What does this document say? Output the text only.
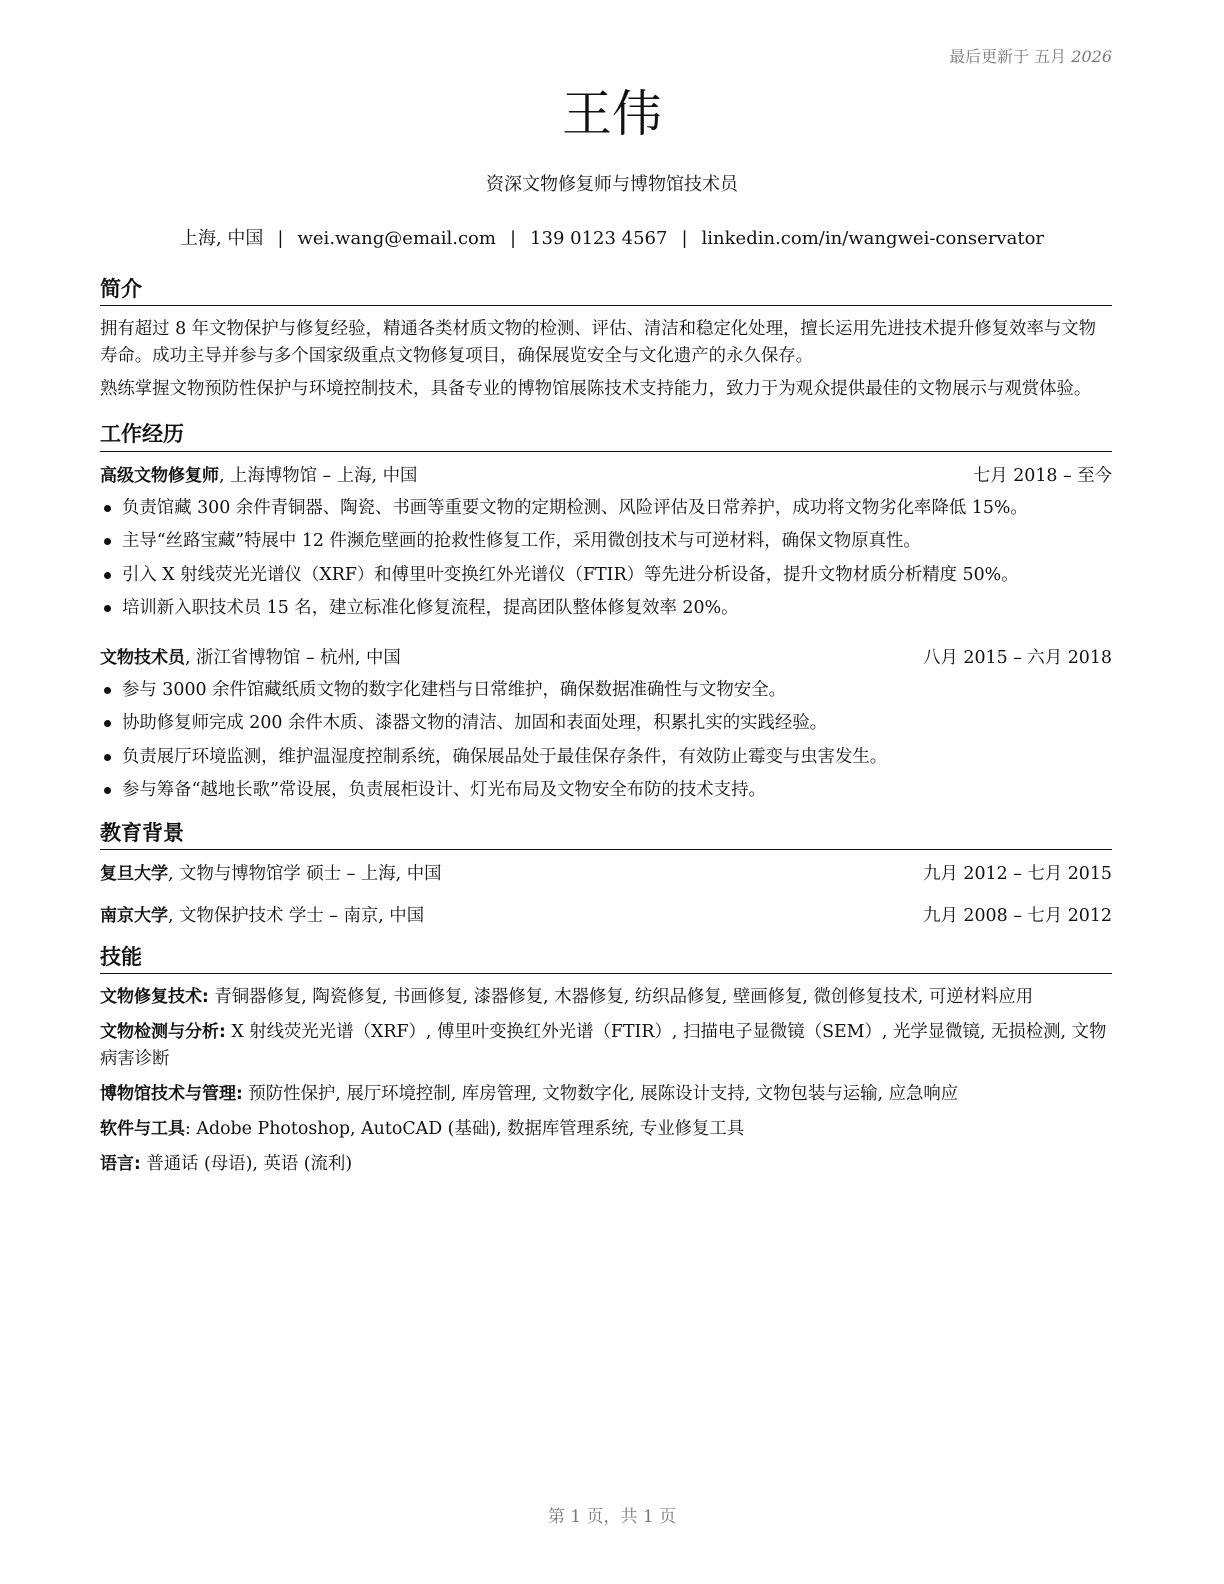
最后更新于 五月 2026
王伟
资深文物修复师与博物馆技术员
上海, 中国 | wei.wang@email.com | 139 0123 4567 | linkedin.com/in/wangwei-conservator
简介

拥有超过 8 年文物保护与修复经验，精通各类材质文物的检测、评估、清洁和稳定化处理，擅长运用先进技术提升修复效率与文物寿命。成功主导并参与多个国家级重点文物修复项目，确保展览安全与文化遗产的永久保存。

熟练掌握文物预防性保护与环境控制技术，具备专业的博物馆展陈技术支持能力，致力于为观众提供最佳的文物展示与观赏体验。

工作经历
高级文物修复师, 上海博物馆 – 上海, 中国	七月 2018 – 至今
负责馆藏 300 余件青铜器、陶瓷、书画等重要文物的定期检测、风险评估及日常养护，成功将文物劣化率降低 15%。
主导“丝路宝藏”特展中 12 件濒危壁画的抢救性修复工作，采用微创技术与可逆材料，确保文物原真性。
引入 X 射线荧光光谱仪（XRF）和傅里叶变换红外光谱仪（FTIR）等先进分析设备，提升文物材质分析精度 50%。
培训新入职技术员 15 名，建立标准化修复流程，提高团队整体修复效率 20%。
文物技术员, 浙江省博物馆 – 杭州, 中国	八月 2015 – 六月 2018
参与 3000 余件馆藏纸质文物的数字化建档与日常维护，确保数据准确性与文物安全。
协助修复师完成 200 余件木质、漆器文物的清洁、加固和表面处理，积累扎实的实践经验。
负责展厅环境监测，维护温湿度控制系统，确保展品处于最佳保存条件，有效防止霉变与虫害发生。
参与筹备“越地长歌”常设展，负责展柜设计、灯光布局及文物安全布防的技术支持。
教育背景
复旦大学, 文物与博物馆学 硕士 – 上海, 中国	九月 2012 – 七月 2015
南京大学, 文物保护技术 学士 – 南京, 中国	九月 2008 – 七月 2012
技能

文物修复技术: 青铜器修复, 陶瓷修复, 书画修复, 漆器修复, 木器修复, 纺织品修复, 壁画修复, 微创修复技术, 可逆材料应用

文物检测与分析: X 射线荧光光谱（XRF）, 傅里叶变换红外光谱（FTIR）, 扫描电子显微镜（SEM）, 光学显微镜, 无损检测, 文物病害诊断

博物馆技术与管理: 预防性保护, 展厅环境控制, 库房管理, 文物数字化, 展陈设计支持, 文物包装与运输, 应急响应

软件与工具: Adobe Photoshop, AutoCAD (基础), 数据库管理系统, 专业修复工具

语言: 普通话 (母语), 英语 (流利)

第 1 页，共 1 页
